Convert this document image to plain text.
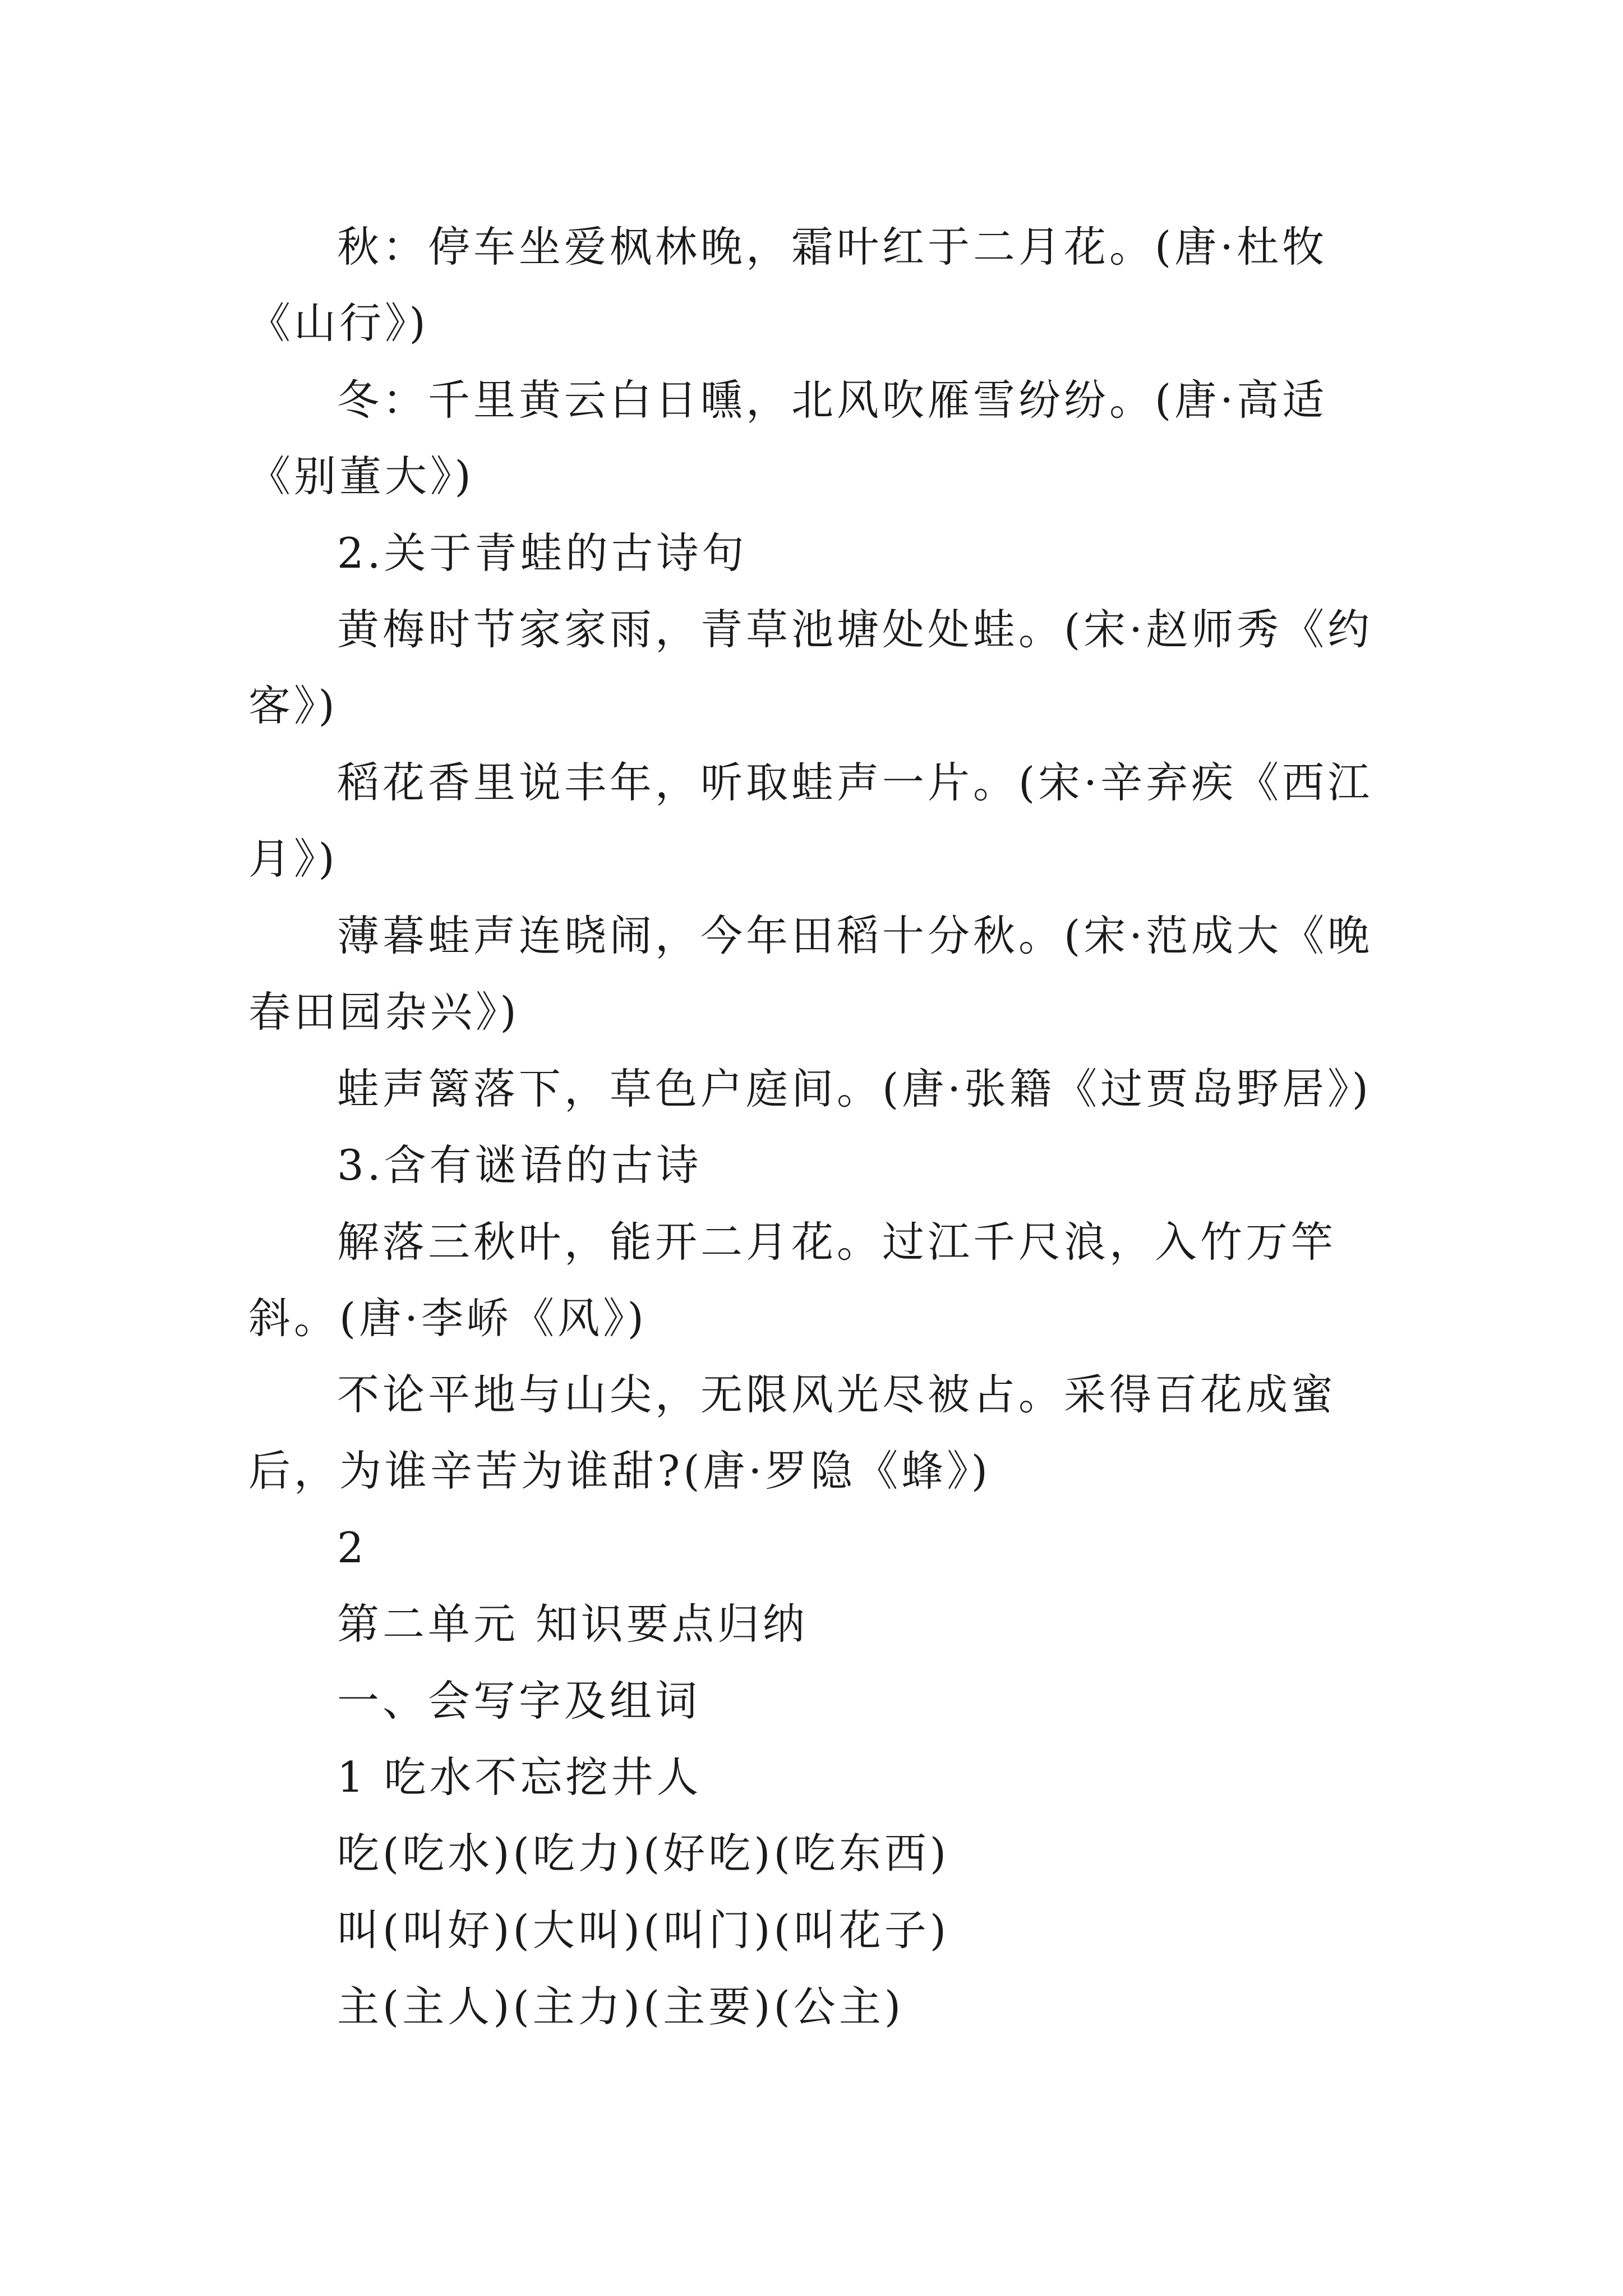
秋：停车坐爱枫林晚，霜叶红于二月花。(唐·杜牧《山行》)

冬：千里黄云白日曛，北风吹雁雪纷纷。(唐·高适《别董大》)

2.关于青蛙的古诗句

黄梅时节家家雨，青草池塘处处蛙。(宋·赵师秀《约客》)

稻花香里说丰年，听取蛙声一片。(宋·辛弃疾《西江月》)

薄暮蛙声连晓闹，今年田稻十分秋。(宋·范成大《晚春田园杂兴》)

蛙声篱落下，草色户庭间。(唐·张籍《过贾岛野居》)

3.含有谜语的古诗

解落三秋叶，能开二月花。过江千尺浪，入竹万竿斜。(唐·李峤《风》)

不论平地与山尖，无限风光尽被占。采得百花成蜜后，为谁辛苦为谁甜?(唐·罗隐《蜂》)

2

第二单元 知识要点归纳

一、会写字及组词

1 吃水不忘挖井人

吃(吃水)(吃力)(好吃)(吃东西)

叫(叫好)(大叫)(叫门)(叫花子)

主(主人)(主力)(主要)(公主)
